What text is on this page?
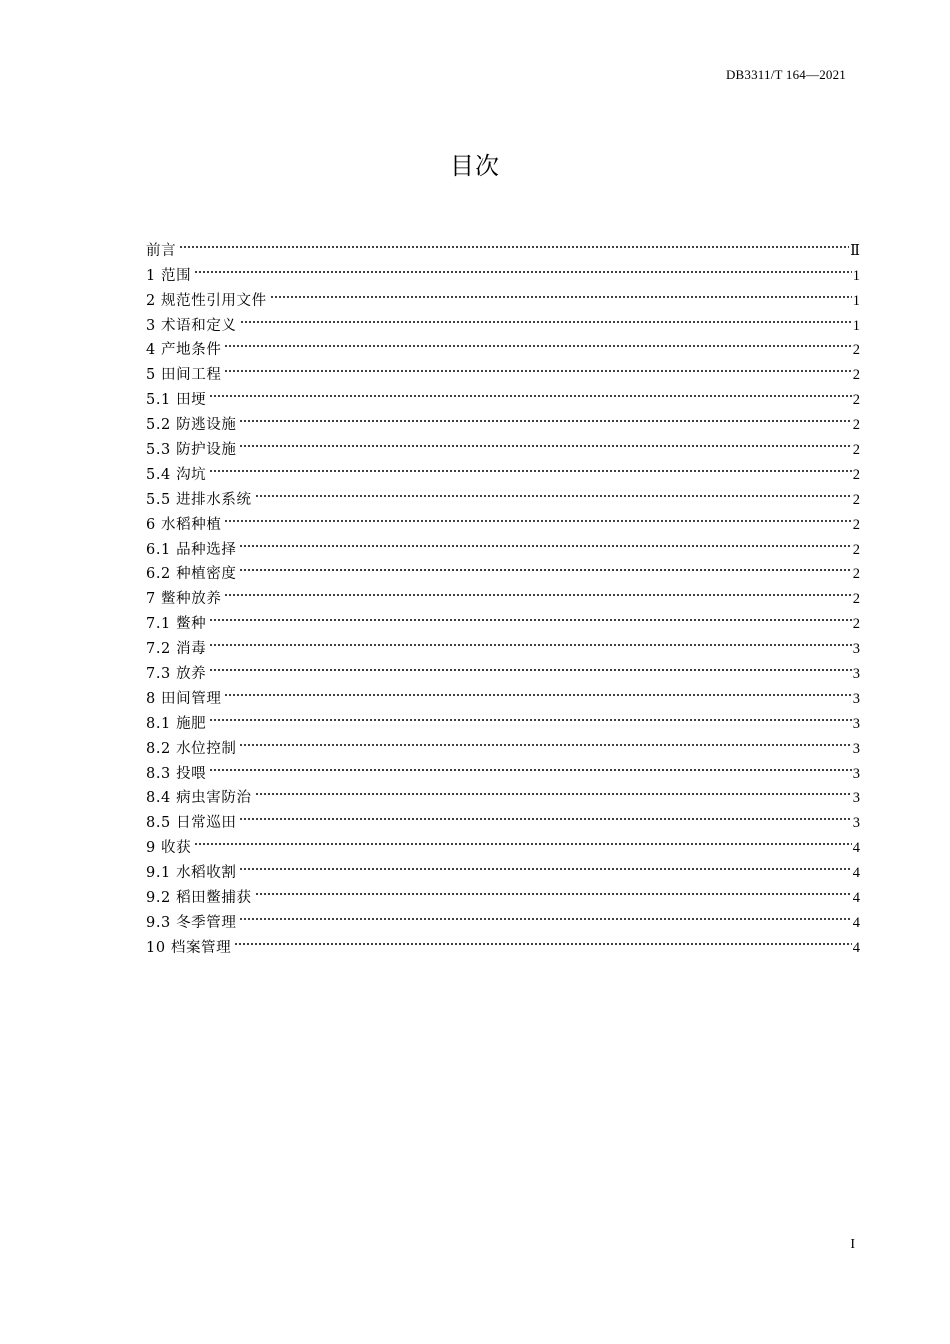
DB3311/T 164—2021
目次
前言	Ⅱ
1 范围	1
2 规范性引用文件	1
3 术语和定义	1
4 产地条件	2
5 田间工程	2
5.1 田埂	2
5.2 防逃设施	2
5.3 防护设施	2
5.4 沟坑	2
5.5 进排水系统	2
6 水稻种植	2
6.1 品种选择	2
6.2 种植密度	2
7 鳖种放养	2
7.1 鳖种	2
7.2 消毒	3
7.3 放养	3
8 田间管理	3
8.1 施肥	3
8.2 水位控制	3
8.3 投喂	3
8.4 病虫害防治	3
8.5 日常巡田	3
9 收获	4
9.1 水稻收割	4
9.2 稻田鳖捕获	4
9.3 冬季管理	4
10 档案管理	4
I
